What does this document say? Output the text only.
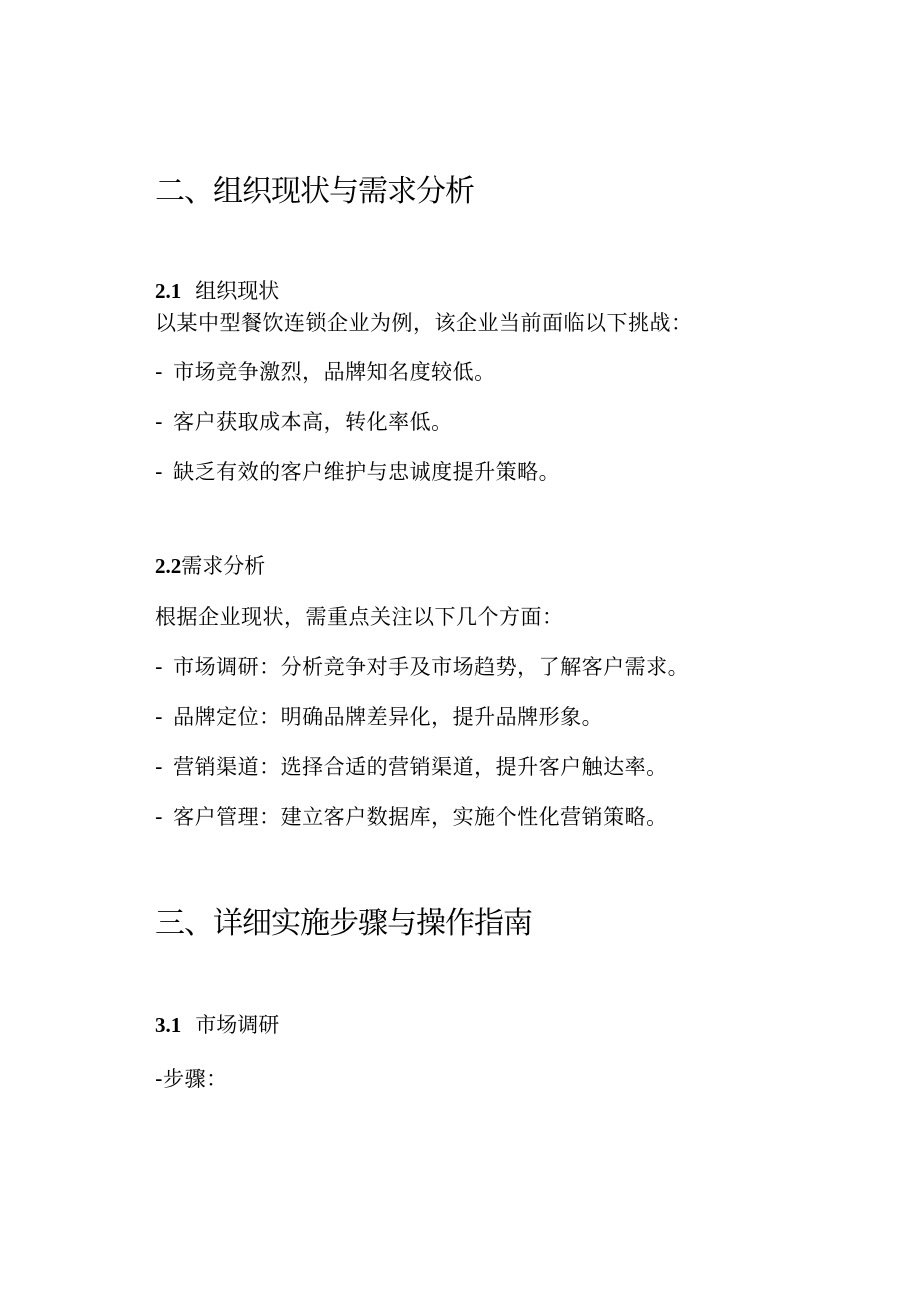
二、组织现状与需求分析
2.1 组织现状
以某中型餐饮连锁企业为例，该企业当前面临以下挑战：
- 市场竞争激烈，品牌知名度较低。
- 客户获取成本高，转化率低。
- 缺乏有效的客户维护与忠诚度提升策略。
2.2需求分析
根据企业现状，需重点关注以下几个方面：
- 市场调研：分析竞争对手及市场趋势，了解客户需求。
- 品牌定位：明确品牌差异化，提升品牌形象。
- 营销渠道：选择合适的营销渠道，提升客户触达率。
- 客户管理：建立客户数据库，实施个性化营销策略。
三、详细实施步骤与操作指南
3.1 市场调研
-步骤：
